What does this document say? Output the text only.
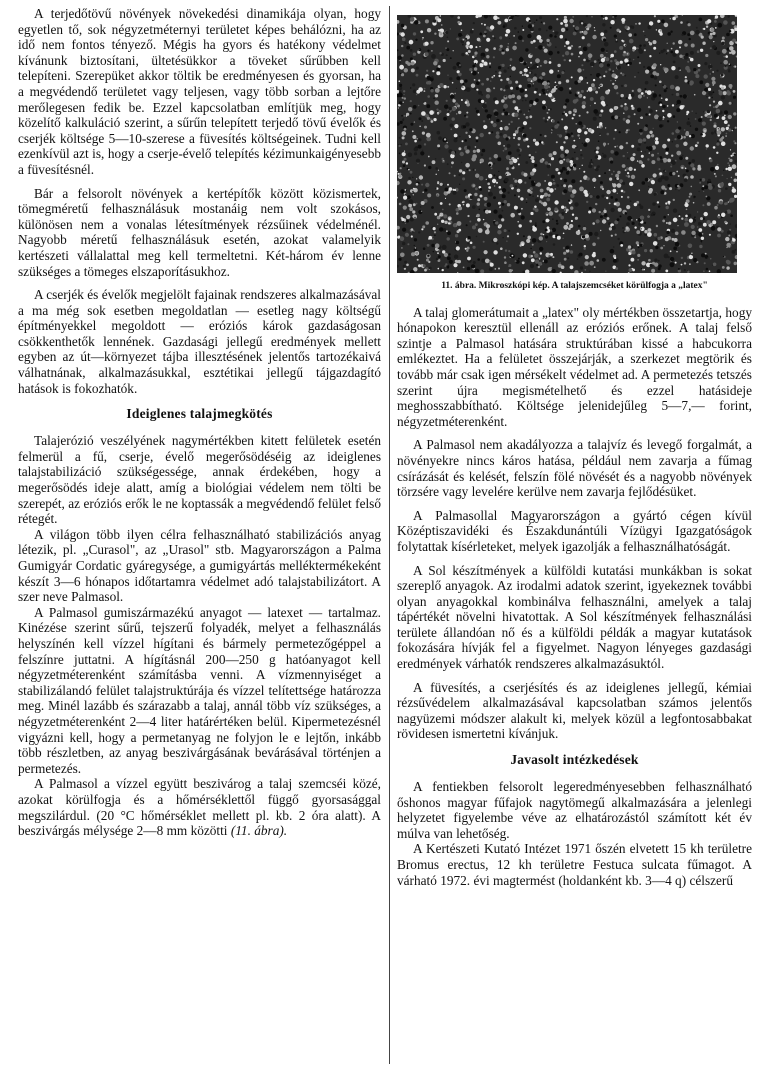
A terjedőtövű növények növekedési dinamikája olyan, hogy egyetlen tő, sok négyzetméternyi területet képes behálózni, ha az idő nem fontos tényező. Mégis ha gyors és hatékony védelmet kívánunk biztosítani, ültetésükkor a töveket sűrűbben kell telepíteni. Szerepüket akkor töltik be eredményesen és gyorsan, ha a megvédendő területet vagy teljesen, vagy több sorban a lejtőre merőlegesen fedik be. Ezzel kapcsolatban említjük meg, hogy közelítő kalkuláció szerint, a sűrűn telepített terjedő tövű évelők és cserjék költsége 5—10-szerese a füvesítés költségeinek. Tudni kell ezenkívül azt is, hogy a cserje-évelő telepítés kézimunkaigényesebb a füvesítésnél.

Bár a felsorolt növények a kertépítők között közismertek, tömegméretű felhasználásuk mostanáig nem volt szokásos, különösen nem a vonalas létesítmények rézsűinek védelménél. Nagyobb méretű felhasználásuk esetén, azokat valamelyik kertészeti vállalattal meg kell termeltetni. Két-három év lenne szükséges a tömeges elszaporításukhoz.

A cserjék és évelők megjelölt fajainak rendszeres alkalmazásával a ma még sok esetben megoldatlan — esetleg nagy költségű építményekkel megoldott — eróziós károk gazdaságosan csökkenthetők lennének. Gazdasági jellegű eredmények mellett egyben az út—környezet tájba illesztésének jelentős tartozékaivá válhatnának, alkalmazásukkal, esztétikai jellegű tájgazdagító hatások is fokozhatók.

Ideiglenes talajmegkötés

Talajerózió veszélyének nagymértékben kitett felületek esetén felmerül a fű, cserje, évelő megerősödéséig az ideiglenes talajstabilizáció szükségessége, annak érdekében, hogy a megerősödés ideje alatt, amíg a biológiai védelem nem tölti be szerepét, az eróziós erők le ne koptassák a megvédendő felület felső rétegét.

A világon több ilyen célra felhasználható stabilizációs anyag létezik, pl. „Curasol", az „Urasol" stb. Magyarországon a Palma Gumigyár Cordatic gyáregysége, a gumigyártás melléktermékeként készít 3—6 hónapos időtartamra védelmet adó talajstabilizátort. A szer neve Palmasol.

A Palmasol gumiszármazékú anyagot — latexet — tartalmaz. Kinézése szerint sűrű, tejszerű folyadék, melyet a felhasználás helyszínén kell vízzel hígítani és bármely permetezőgéppel a felszínre juttatni. A hígításnál 200—250 g hatóanyagot kell négyzetméterenként számításba venni. A vízmennyiséget a stabilizálandó felület talajstruktúrája és vízzel telítettsége határozza meg. Minél lazább és szárazabb a talaj, annál több víz szükséges, a négyzetméterenként 2—4 liter határértéken belül. Kipermetezésnél vigyázni kell, hogy a permetanyag ne folyjon le e lejtőn, inkább több részletben, az anyag beszivárgásának bevárásával történjen a permetezés.

A Palmasol a vízzel együtt beszivárog a talaj szemcséi közé, azokat körülfogja és a hőmérséklettől függő gyorsasággal megszilárdul. (20 °C hőmérséklet mellett pl. kb. 2 óra alatt). A beszivárgás mélysége 2—8 mm közötti (11. ábra).

11. ábra. Mikroszkópi kép. A talajszemcséket körülfogja a „latex"

A talaj glomerátumait a „latex" oly mértékben összetartja, hogy hónapokon keresztül ellenáll az eróziós erőnek. A talaj felső szintje a Palmasol hatására struktúrában kissé a habcukorra emlékeztet. Ha a felületet összejárják, a szerkezet megtörik és tovább már csak igen mérsékelt védelmet ad. A permetezés tetszés szerint újra megismételhető és ezzel hatásideje meghosszabbítható. Költsége jelenidejűleg 5—7,— forint, négyzetméterenként.

A Palmasol nem akadályozza a talajvíz és levegő forgalmát, a növényekre nincs káros hatása, például nem zavarja a fűmag csírázását és kelését, felszín fölé növését és a nagyobb növények törzsére vagy levelére kerülve nem zavarja fejlődésüket.

A Palmasollal Magyarországon a gyártó cégen kívül Középtiszavidéki és Északdunántúli Vízügyi Igazgatóságok folytattak kísérleteket, melyek igazolják a felhasználhatóságát.

A Sol készítmények a külföldi kutatási munkákban is sokat szereplő anyagok. Az irodalmi adatok szerint, igyekeznek további olyan anyagokkal kombinálva felhasználni, amelyek a talaj tápértékét növelni hivatottak. A Sol készítmények felhasználási területe állandóan nő és a külföldi példák a magyar kutatások fokozására hívják fel a figyelmet. Nagyon lényeges gazdasági eredmények várhatók rendszeres alkalmazásuktól.

A füvesítés, a cserjésítés és az ideiglenes jellegű, kémiai rézsűvédelem alkalmazásával kapcsolatban számos jelentős nagyüzemi módszer alakult ki, melyek közül a legfontosabbakat rövidesen ismertetni kívánjuk.

Javasolt intézkedések

A fentiekben felsorolt legeredményesebben felhasználható őshonos magyar fűfajok nagytömegű alkalmazására a jelenlegi helyzetet figyelembe véve az elhatározástól számított két év múlva van lehetőség.

A Kertészeti Kutató Intézet 1971 őszén elvetett 15 kh területre Bromus erectus, 12 kh területre Festuca sulcata fűmagot. A várható 1972. évi magtermést (holdanként kb. 3—4 q) célszerű
